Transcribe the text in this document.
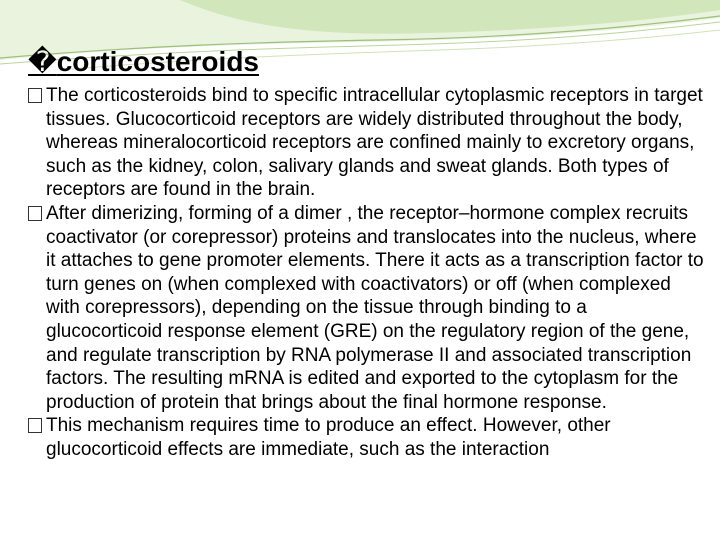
�corticosteroids
The corticosteroids bind to specific intracellular cytoplasmic receptors in target tissues. Glucocorticoid receptors are widely distributed throughout the body, whereas mineralocorticoid receptors are confined mainly to excretory organs, such as the kidney, colon, salivary glands and sweat glands. Both types of receptors are found in the brain.
After dimerizing, forming of a dimer , the receptor–hormone complex recruits coactivator (or corepressor) proteins and translocates into the nucleus, where it attaches to gene promoter elements. There it acts as a transcription factor to turn genes on (when complexed with coactivators) or off (when complexed with corepressors), depending on the tissue through binding to a glucocorticoid response element (GRE) on the regulatory region of the gene, and regulate transcription by RNA polymerase II and associated transcription factors. The resulting mRNA is edited and exported to the cytoplasm for the production of protein that brings about the final hormone response.
This mechanism requires time to produce an effect. However, other glucocorticoid effects are immediate, such as the interaction
